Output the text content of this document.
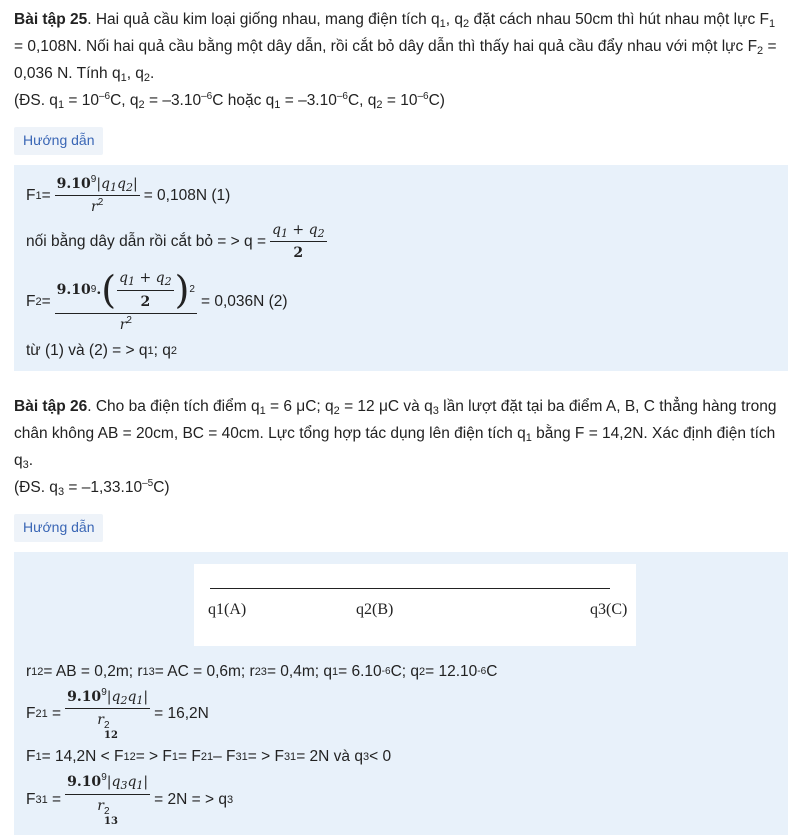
Bài tập 25. Hai quả cầu kim loại giống nhau, mang điện tích $q_1$, $q_2$ đặt cách nhau 50cm thì hút nhau một lực $F_1 = 0,108N$. Nối hai quả cầu bằng một dây dẫn, rồi cắt bỏ dây dẫn thì thấy hai quả cầu đẩy nhau với một lực $F_2 = 0,036$ N. Tính $q_1$, $q_2$.

(ĐS. $q_1 = 10^{-6}C$, $q_2 = -3.10^{-6}C$ hoặc $q_1 = -3.10^{-6}C$, $q_2 = 10^{-6}C$)

Hướng dẫn
F $1 = \frac{9.10^9|q_1q_2|}{r^2} = 0,108N$ (1)
nối bằng dây dẫn rồi cắt bỏ = > $q = \frac{q_1 + q_2}{2}$
F $2 = \frac{9.10 9 . ( \frac{q_1 + q_2}{2} ) 2}{r^2} = 0,036N$ (2)
từ (1) và (2) = > q 1 ; q 2

Bài tập 26. Cho ba điện tích điểm $q_1 = 6$ μC; $q_2 = 12$ μC và $q_3$ lần lượt đặt tại ba điểm A, B, C thẳng hàng trong chân không AB = 20cm, BC = 40cm. Lực tổng hợp tác dụng lên điện tích $q_1$ bằng F = 14,2N. Xác định điện tích $q_3$.

(ĐS. $q_3 = -1,33.10^{-5}C$)

Hướng dẫn
q1(A)	q2(B)	q3(C)
r 12 = AB = 0,2m; r 13 = AC = 0,6m; r 23 = 0,4m; q 1 = 6.10 -6 C; q 2 = 12.10 -6 C
F $21 = 9.10^9|q_2q_1|$
r 2
12 = 16,2N
F 1 = 14,2N < F 12 = > F 1 = F 21 – F 31 = > F 31 = 2N và q 3 < 0
F $31 = 9.10^9|q_3q_1|$
r 2
13 = 2N = > q 3
